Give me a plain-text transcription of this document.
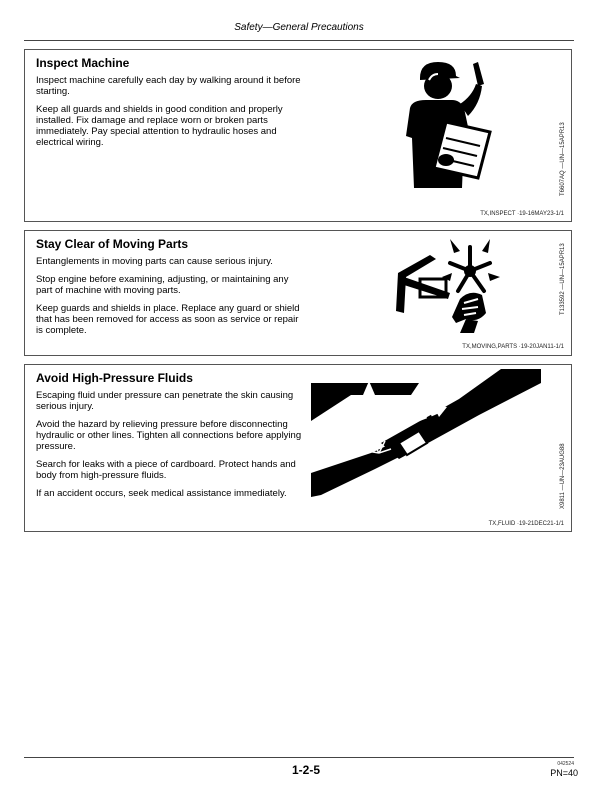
Safety—General Precautions
Inspect Machine

Inspect machine carefully each day by walking around it before starting.

Keep all guards and shields in good condition and properly installed. Fix damage and replace worn or broken parts immediately. Pay special attention to hydraulic hoses and electrical wiring.	T6607AQ —UN—15APR13
TX,INSPECT ·19-16MAY23-1/1
Stay Clear of Moving Parts

Entanglements in moving parts can cause serious injury.

Stop engine before examining, adjusting, or maintaining any part of machine with moving parts.

Keep guards and shields in place. Replace any guard or shield that has been removed for access as soon as service or repair is complete.

T133592 —UN—15APR13
TX,MOVING,PARTS ·19-20JAN11-1/1
Avoid High-Pressure Fluids

Escaping fluid under pressure can penetrate the skin causing serious injury.

Avoid the hazard by relieving pressure before disconnecting hydraulic or other lines. Tighten all connections before applying pressure.

Search for leaks with a piece of cardboard. Protect hands and body from high-pressure fluids.

If an accident occurs, seek medical assistance immediately.	X9811 —UN—23AUG88
TX,FLUID ·19-21DEC21-1/1
1-2-5	042524
PN=40
